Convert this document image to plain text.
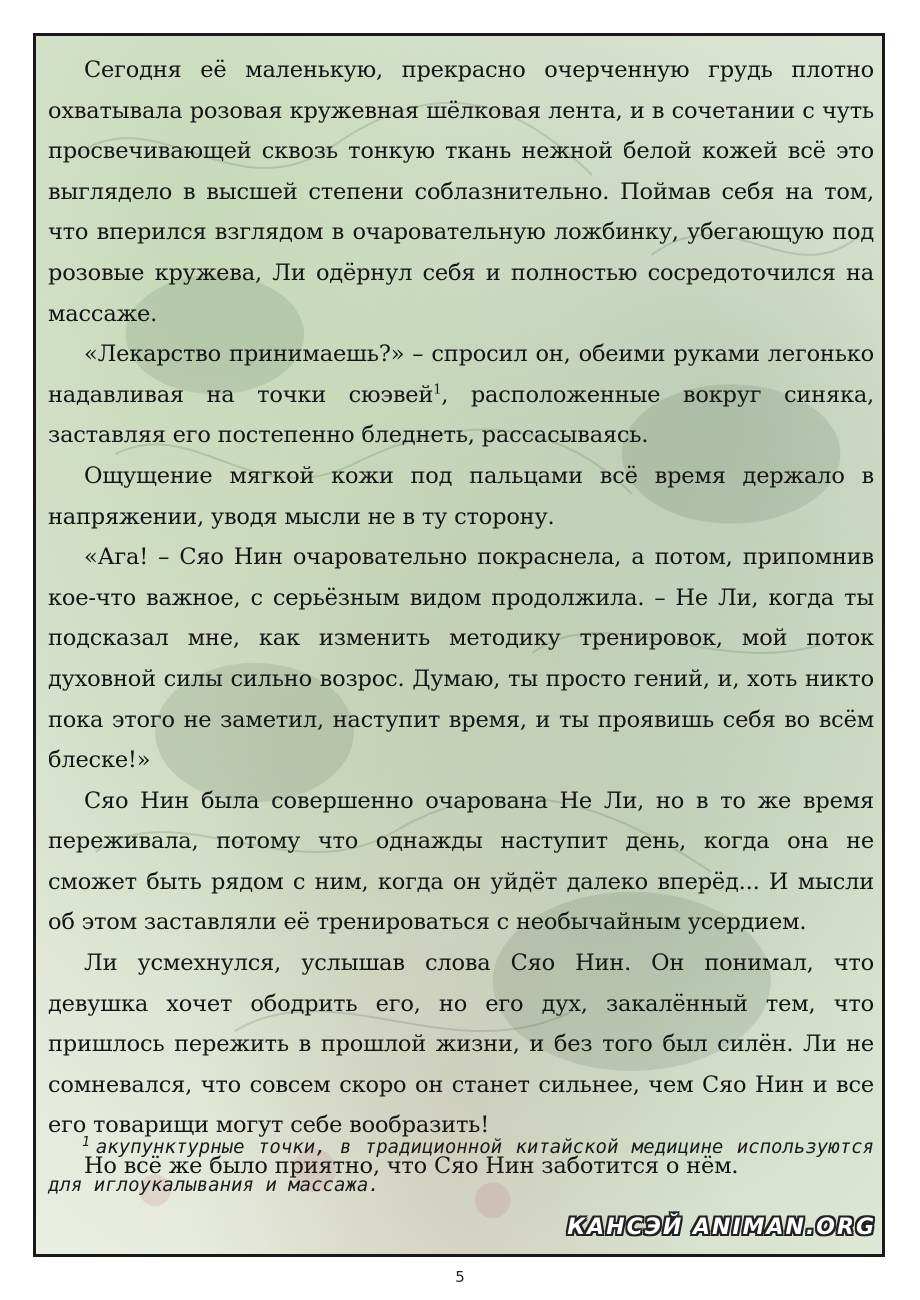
Сегодня её маленькую, прекрасно очерченную грудь плотно охватывала розовая кружевная шёлковая лента, и в сочетании с чуть просвечивающей сквозь тонкую ткань нежной белой кожей всё это выглядело в высшей степени соблазнительно. Поймав себя на том, что вперился взглядом в очаровательную ложбинку, убегающую под розовые кружева, Ли одёрнул себя и полностью сосредоточился на массаже.

«Лекарство принимаешь?» – спросил он, обеими руками легонько надавливая на точки сюэвей$^1$, расположенные вокруг синяка, заставляя его постепенно бледнеть, рассасываясь.

Ощущение мягкой кожи под пальцами всё время держало в напряжении, уводя мысли не в ту сторону.

«Ага! – Сяо Нин очаровательно покраснела, а потом, припомнив кое-что важное, с серьёзным видом продолжила. – Не Ли, когда ты подсказал мне, как изменить методику тренировок, мой поток духовной силы сильно возрос. Думаю, ты просто гений, и, хоть никто пока этого не заметил, наступит время, и ты проявишь себя во всём блеске!»

Сяо Нин была совершенно очарована Не Ли, но в то же время переживала, потому что однажды наступит день, когда она не сможет быть рядом с ним, когда он уйдёт далеко вперёд... И мысли об этом заставляли её тренироваться с необычайным усердием.

Ли усмехнулся, услышав слова Сяо Нин. Он понимал, что девушка хочет ободрить его, но его дух, закалённый тем, что пришлось пережить в прошлой жизни, и без того был силён. Ли не сомневался, что совсем скоро он станет сильнее, чем Сяо Нин и все его товарищи могут себе вообразить!

Но всё же было приятно, что Сяо Нин заботится о нём.

$^1$ акупунктурные точки, в традиционной китайской медицине используются для иглоукалывания и массажа.
КАНСЭЙ ANIMAN.ORG
5
